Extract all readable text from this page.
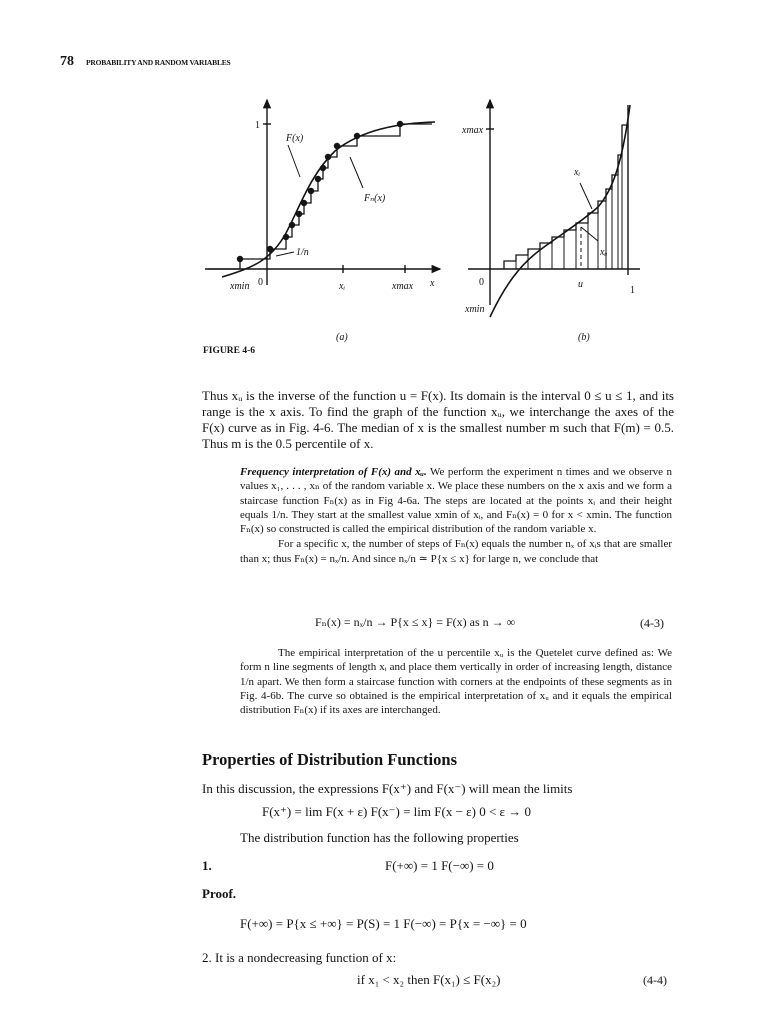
78 PROBABILITY AND RANDOM VARIABLES
1
F(x)
Fₙ(x)
1/n
xmin 0	xᵢ	xmax x
(a)
xmax
xᵢ
xᵤ
0	u
1
xmin
(b)
FIGURE 4-6

Thus xᵤ is the inverse of the function u = F(x). Its domain is the interval 0 ≤ u ≤ 1, and its range is the x axis. To find the graph of the function xᵤ, we interchange the axes of the F(x) curve as in Fig. 4-6. The median of x is the smallest number m such that F(m) = 0.5. Thus m is the 0.5 percentile of x.

Frequency interpretation of F(x) and xᵤ. We perform the experiment n times and we observe n values x₁, . . . , xₙ of the random variable x. We place these numbers on the x axis and we form a staircase function Fₙ(x) as in Fig 4-6a. The steps are located at the points xᵢ and their height equals 1/n. They start at the smallest value xmin of xᵢ, and Fₙ(x) = 0 for x < xmin. The function Fₙ(x) so constructed is called the empirical distribution of the random variable x.

For a specific x, the number of steps of Fₙ(x) equals the number nₓ of xᵢs that are smaller than x; thus Fₙ(x) = nₓ/n. And since nₓ/n ≃ P{x ≤ x} for large n, we conclude that

Fₙ(x) = nₓ/n → P{x ≤ x} = F(x) as n → ∞	(4-3)

The empirical interpretation of the u percentile xᵤ is the Quetelet curve defined as: We form n line segments of length xᵢ and place them vertically in order of increasing length, distance 1/n apart. We then form a staircase function with corners at the endpoints of these segments as in Fig. 4-6b. The curve so obtained is the empirical interpretation of xᵤ and it equals the empirical distribution Fₙ(x) if its axes are interchanged.

Properties of Distribution Functions

In this discussion, the expressions F(x⁺) and F(x⁻) will mean the limits

F(x⁺) = lim F(x + ε) F(x⁻) = lim F(x − ε) 0 < ε → 0
The distribution function has the following properties
1.	F(+∞) = 1 F(−∞) = 0
Proof.
F(+∞) = P{x ≤ +∞} = P(S) = 1 F(−∞) = P{x = −∞} = 0
2. It is a nondecreasing function of x:
if x₁ < x₂ then F(x₁) ≤ F(x₂)	(4-4)
